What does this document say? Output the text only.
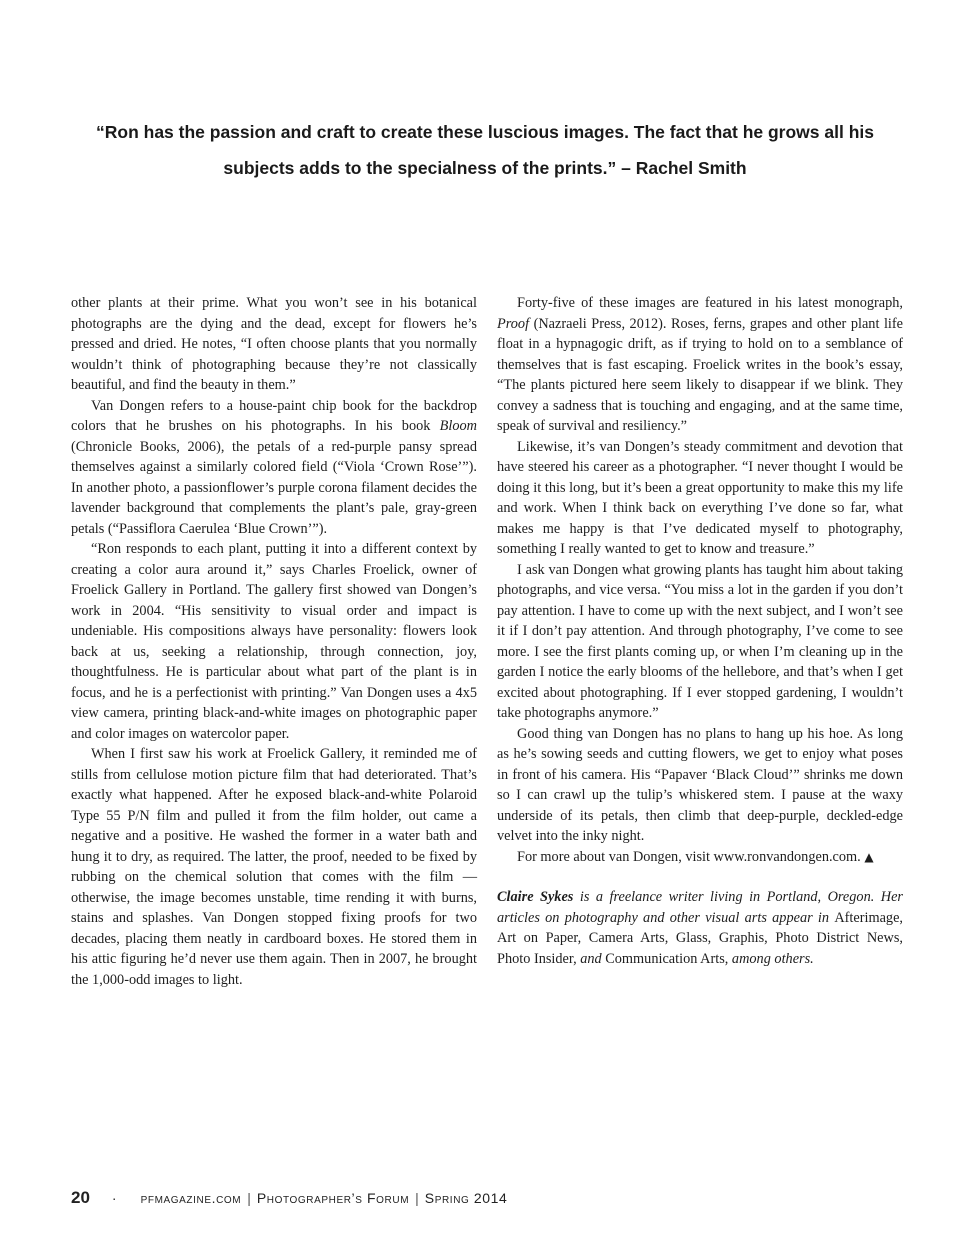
“Ron has the passion and craft to create these luscious images. The fact that he grows all his subjects adds to the specialness of the prints.” – Rachel Smith

other plants at their prime. What you won’t see in his botanical photographs are the dying and the dead, except for flowers he’s pressed and dried. He notes, “I often choose plants that you normally wouldn’t think of photographing because they’re not classically beautiful, and find the beauty in them.”

Van Dongen refers to a house-paint chip book for the backdrop colors that he brushes on his photographs. In his book Bloom (Chronicle Books, 2006), the petals of a red-purple pansy spread themselves against a similarly colored field (“Viola ‘Crown Rose’”). In another photo, a passionflower’s purple corona filament decides the lavender background that complements the plant’s pale, gray-green petals (“Passiflora Caerulea ‘Blue Crown’”).

“Ron responds to each plant, putting it into a different context by creating a color aura around it,” says Charles Froelick, owner of Froelick Gallery in Portland. The gallery first showed van Dongen’s work in 2004. “His sensitivity to visual order and impact is undeniable. His compositions always have personality: flowers look back at us, seeking a relationship, through connection, joy, thoughtfulness. He is particular about what part of the plant is in focus, and he is a perfectionist with printing.” Van Dongen uses a 4x5 view camera, printing black-and-white images on photographic paper and color images on watercolor paper.

When I first saw his work at Froelick Gallery, it reminded me of stills from cellulose motion picture film that had deteriorated. That’s exactly what happened. After he exposed black-and-white Polaroid Type 55 P/N film and pulled it from the film holder, out came a negative and a positive. He washed the former in a water bath and hung it to dry, as required. The latter, the proof, needed to be fixed by rubbing on the chemical solution that comes with the film — otherwise, the image becomes unstable, time rending it with burns, stains and splashes. Van Dongen stopped fixing proofs for two decades, placing them neatly in cardboard boxes. He stored them in his attic figuring he’d never use them again. Then in 2007, he brought the 1,000-odd images to light.

Forty-five of these images are featured in his latest monograph, Proof (Nazraeli Press, 2012). Roses, ferns, grapes and other plant life float in a hypnagogic drift, as if trying to hold on to a semblance of themselves that is fast escaping. Froelick writes in the book’s essay, “The plants pictured here seem likely to disappear if we blink. They convey a sadness that is touching and engaging, and at the same time, speak of survival and resiliency.”

Likewise, it’s van Dongen’s steady commitment and devotion that have steered his career as a photographer. “I never thought I would be doing it this long, but it’s been a great opportunity to make this my life and work. When I think back on everything I’ve done so far, what makes me happy is that I’ve dedicated myself to photography, something I really wanted to get to know and treasure.”

I ask van Dongen what growing plants has taught him about taking photographs, and vice versa. “You miss a lot in the garden if you don’t pay attention. I have to come up with the next subject, and I won’t see it if I don’t pay attention. And through photography, I’ve come to see more. I see the first plants coming up, or when I’m cleaning up in the garden I notice the early blooms of the hellebore, and that’s when I get excited about photographing. If I ever stopped gardening, I wouldn’t take photographs anymore.”

Good thing van Dongen has no plans to hang up his hoe. As long as he’s sowing seeds and cutting flowers, we get to enjoy what poses in front of his camera. His “Papaver ‘Black Cloud’” shrinks me down so I can crawl up the tulip’s whiskered stem. I pause at the waxy underside of its petals, then climb that deep-purple, deckled-edge velvet into the inky night.

For more about van Dongen, visit www.ronvandongen.com. ▲

Claire Sykes is a freelance writer living in Portland, Oregon. Her articles on photography and other visual arts appear in Afterimage, Art on Paper, Camera Arts, Glass, Graphis, Photo District News, Photo Insider, and Communication Arts, among others.

20 · pfmagazine.com | Photographer’s Forum | Spring 2014
